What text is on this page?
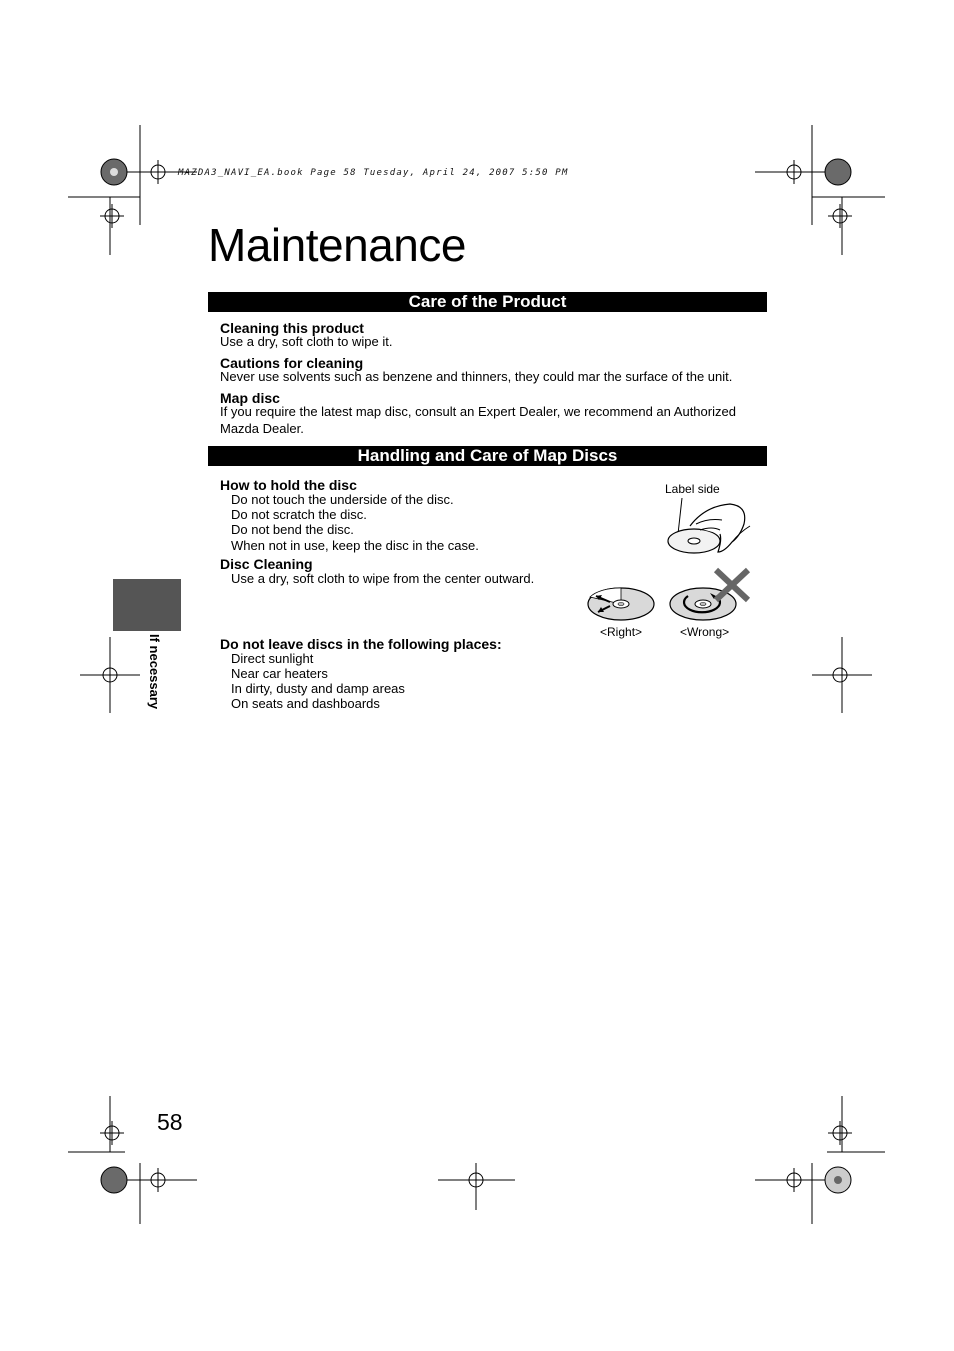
MAZDA3_NAVI_EA.book Page 58 Tuesday, April 24, 2007 5:50 PM
Maintenance
Care of the Product
Cleaning this product
Use a dry, soft cloth to wipe it.
Cautions for cleaning
Never use solvents such as benzene and thinners, they could mar the surface of the unit.
Map disc
If you require the latest map disc, consult an Expert Dealer, we recommend an Authorized
Mazda Dealer.
Handling and Care of Map Discs
How to hold the disc
Do not touch the underside of the disc.
Do not scratch the disc.
Do not bend the disc.
When not in use, keep the disc in the case.
Disc Cleaning
Use a dry, soft cloth to wipe from the center outward.
Do not leave discs in the following places:
Direct sunlight
Near car heaters
In dirty, dusty and damp areas
On seats and dashboards
Label side
<Right>	<Wrong>
If necessary
58
